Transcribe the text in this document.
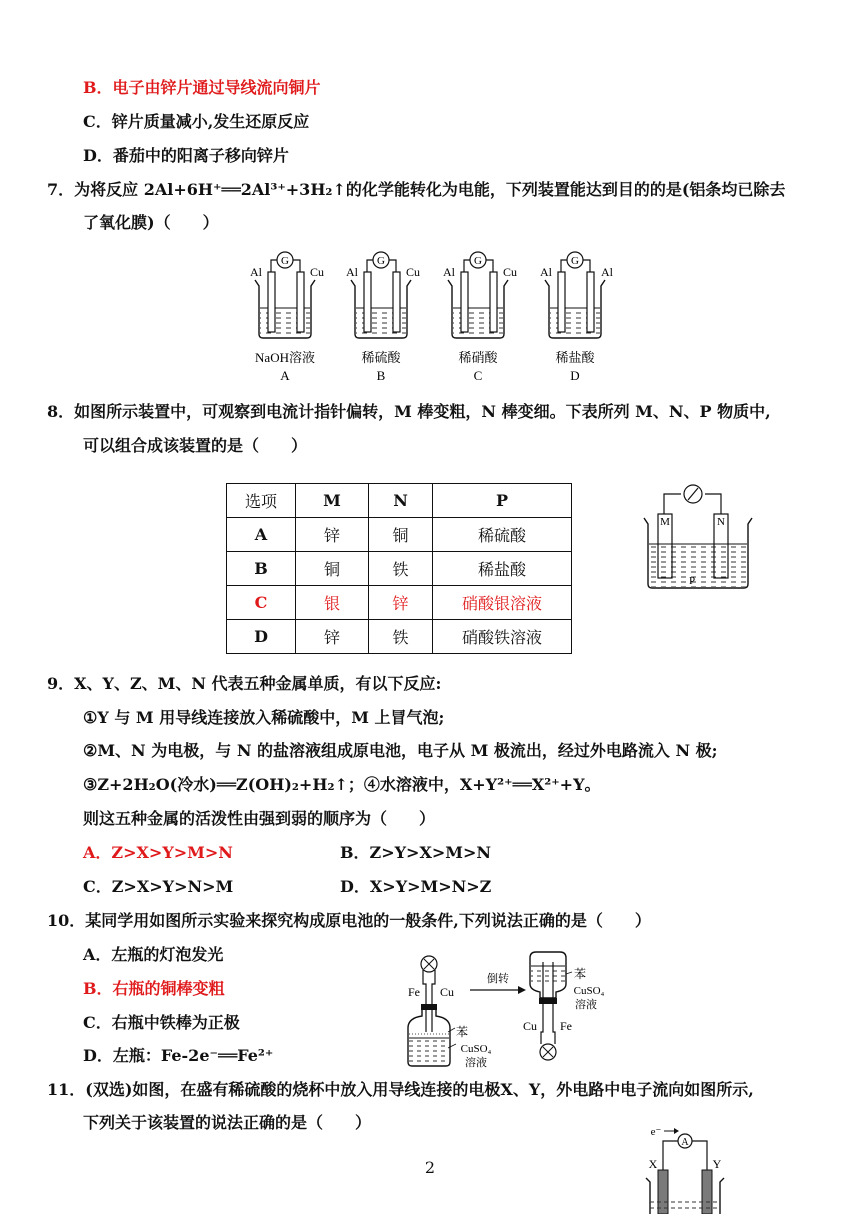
B．电子由锌片通过导线流向铜片
C．锌片质量减小,发生还原反应
D．番茄中的阳离子移向锌片
7．为将反应 2Al+6H⁺══2Al³⁺+3H₂↑的化学能转化为电能，下列装置能达到目的的是(铝条均已除去
了氧化膜)（　　）
G
Al	Cu
NaOH溶液
A
G
Al	Cu
稀硫酸
B
G
Al	Cu
稀硝酸
C
G
Al	Al
稀盐酸
D
8．如图所示装置中，可观察到电流计指针偏转，M 棒变粗，N 棒变细。下表所列 M、N、P 物质中,
可以组合成该装置的是（　　）
选项	M	N	P
A	锌	铜	稀硫酸
B	铜	铁	稀盐酸
C	银	锌	硝酸银溶液
D	锌	铁	硝酸铁溶液
M	N
P
9．X、Y、Z、M、N 代表五种金属单质，有以下反应:
①Y 与 M 用导线连接放入稀硫酸中，M 上冒气泡;
②M、N 为电极，与 N 的盐溶液组成原电池，电子从 M 极流出，经过外电路流入 N 极;
③Z+2H₂O(冷水)══Z(OH)₂+H₂↑；④水溶液中，X+Y²⁺══X²⁺+Y。
则这五种金属的活泼性由强到弱的顺序为（　　）
A．Z>X>Y>M>N	B．Z>Y>X>M>N
C．Z>X>Y>N>M	D．X>Y>M>N>Z
10．某同学用如图所示实验来探究构成原电池的一般条件,下列说法正确的是（　　）
A．左瓶的灯泡发光
B．右瓶的铜棒变粗
C．右瓶中铁棒为正极
D．左瓶：Fe-2e⁻══Fe²⁺
Fe Cu
苯
CuSO₄
溶液
倒转
Cu Fe
苯
CuSO₄
溶液
11．(双选)如图，在盛有稀硫酸的烧杯中放入用导线连接的电极X、Y，外电路中电子流向如图所示,
下列关于该装置的说法正确的是（　　）	e⁻
A
X	Y
2
